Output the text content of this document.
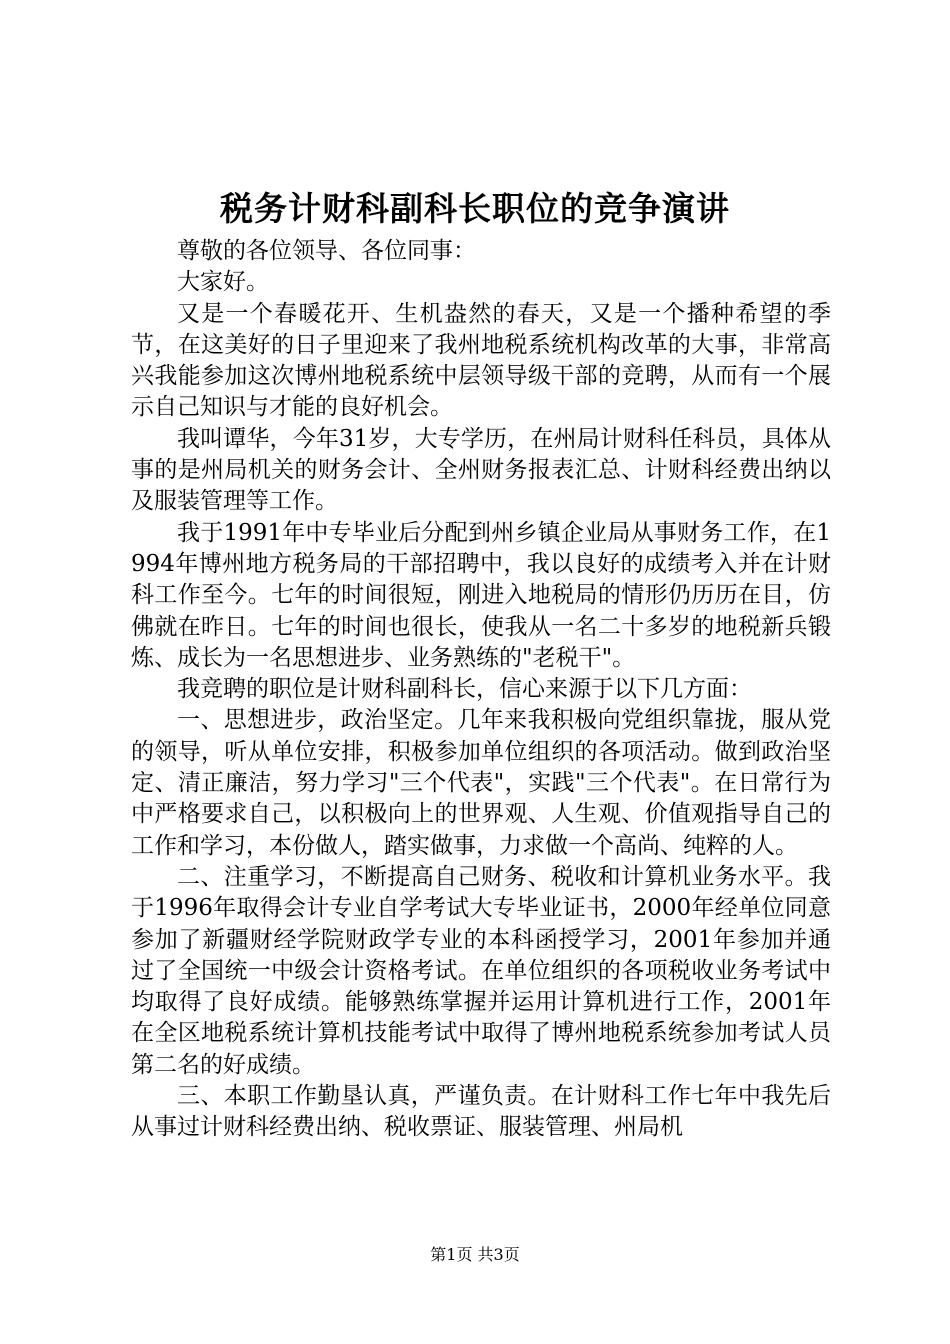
税务计财科副科长职位的竞争演讲

尊敬的各位领导、各位同事：

大家好。

又是一个春暖花开、生机盎然的春天，又是一个播种希望的季节，在这美好的日子里迎来了我州地税系统机构改革的大事，非常高兴我能参加这次博州地税系统中层领导级干部的竞聘，从而有一个展示自己知识与才能的良好机会。

我叫谭华，今年31岁，大专学历，在州局计财科任科员，具体从事的是州局机关的财务会计、全州财务报表汇总、计财科经费出纳以及服装管理等工作。

我于1991年中专毕业后分配到州乡镇企业局从事财务工作，在1994年博州地方税务局的干部招聘中，我以良好的成绩考入并在计财科工作至今。七年的时间很短，刚进入地税局的情形仍历历在目，仿佛就在昨日。七年的时间也很长，使我从一名二十多岁的地税新兵锻炼、成长为一名思想进步、业务熟练的"老税干"。

我竞聘的职位是计财科副科长，信心来源于以下几方面：

一、思想进步，政治坚定。几年来我积极向党组织靠拢，服从党的领导，听从单位安排，积极参加单位组织的各项活动。做到政治坚定、清正廉洁，努力学习"三个代表"，实践"三个代表"。在日常行为中严格要求自己，以积极向上的世界观、人生观、价值观指导自己的工作和学习，本份做人，踏实做事，力求做一个高尚、纯粹的人。

二、注重学习，不断提高自己财务、税收和计算机业务水平。我于1996年取得会计专业自学考试大专毕业证书，2000年经单位同意参加了新疆财经学院财政学专业的本科函授学习，2001年参加并通过了全国统一中级会计资格考试。在单位组织的各项税收业务考试中均取得了良好成绩。能够熟练掌握并运用计算机进行工作，2001年在全区地税系统计算机技能考试中取得了博州地税系统参加考试人员第二名的好成绩。

三、本职工作勤垦认真，严谨负责。在计财科工作七年中我先后从事过计财科经费出纳、税收票证、服装管理、州局机

第1页 共3页
